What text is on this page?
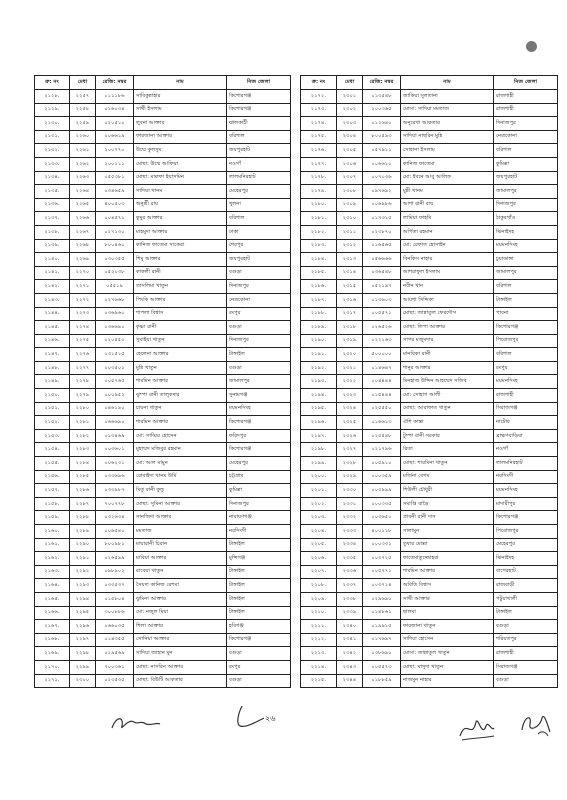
ক্র: নং	মেধা	রেজি: নম্বর	নাম	নিজ জেলা
২১২৮.	২২৫৭	০১১১৮৬	সাবিকুন্নাহার	কিশোরগঞ্জ
২১২৯.	২২৫৮	০১৬০৩৪	সাথী ইসলাম	কিশোরগঞ্জ
২১৩০.	২২৫৯	০২০৫১০	লুবনা আক্তার	ঝালকাঠী
২১৩১.	২২৬০	০০৬৬১৯	ফারজানা আক্তার	বরিশাল
২১৩২.	২২৬১	২০০৭৭০	উম্মে কুলসুম	জয়পুরহাট
২১৩৩.	২২৬২	২০০১১১	মোছা: উম্মে আফিয়া	নওগাঁ
২১৩৪.	২২৬৩	০৫৫৩৮১	মোছা: মারুফা ইয়াসমিন	লালমনিরহাট
২১৩৫.	২২৬৪	০৩৪৬৫৯	সাদিয়া খানম	মেহেরপুর
২১৩৬.	২২৬৫	৪০০৫০৩	অনুশ্রী রায়	খুলনা
২১৩৭.	২২৬৬	০০৪৫৭১	কুমুর আক্তার	বরিশাল
২১৩৮.	২২৬৭	০২৭১৩০	মাহমুদা আক্তার	ঢাকা
২১৩৯.	২২৬৮	৮০০৪৬০	কানিজ ফাতেমা সাকেরা	শেরপুর
২১৪০.	২২৬৯	০৩০৩৫৫	শিমু আক্তার	জয়পুরহাট
২১৪১.	২২৭০	০৫২০৩৮	কাকলী রানী	বগুড়া
২১৪২.	২২৭১	০৫৫১৯	তাসলিমা খাতুন	দিনাজপুর
২১৪৩.	২২৭২	০২৭৬৬৮	পিংকি আক্তার	নেত্রকোনা
২১৪৪.	২২৭৩	০৩৬৯৬০	শাপলা বিশ্বাস	রংপুর
২১৪৫.	২২৭৪	০৩৬৬৯০	কৃষ্ণা রানী	বগুড়া
২১৪৬.	২২৭৫	০২০৫৫০	সুমাইয়া খাতুন	দিনাজপুর
২১৪৭.	২২৭৬	০৩১৫১৫	হেলেনা আক্তার	টাঙ্গাইল
২১৪৮.	২২৭৭	০০৩৫০১	মুন্নি খাতুন	বগুড়া
২১৪৯.	২২৭৮	০০৫৭৬৫	শারমিন আক্তার	জামালপুর
২১৫০.	২২৭৯	০০০৯৫২	ঝুম্পা রানী তালুকদার	সুনামগঞ্জ
২১৫১.	২২৮০	০৪৬১৯০	চায়না খাতুন	ময়মনসিংহ
২১৫২.	২২৮১	০৬৬৬৯০	শারমিন আক্তার	কিশোরগঞ্জ
২১৫৩.	২২৮২	০১৩৪৬৯	মো: সাব্বির হোসেন	ফরিদপুর
২১৫৪.	২২৮৩	০০৩৬০১	মুহাম্মদ মজিবুর রহমান	কিশোরগঞ্জ
২১৫৫.	২২৮৪	০০৬২৩১	মো: আল মামুন	মেহেরপুর
২১৫৬.	২২৮৫	০৩৩৬৯৬	রোবাইদা খানম উর্মি	চট্টগ্রাম
২১৫৭.	২২৮৬	০৩৩৯৮৭	মিতু রানী কুন্ডু	কুমিল্লা
২১৫৮.	২২৮৭	৭০০৭৭৮	মোছা: সুমিনা আক্তার	দিনাজপুর
২১৫৯.	২২৮৮	০৩২৬৩৪	সানজিদা আক্তার	নারায়ণগঞ্জ
২১৬০.	২২৮৯	০০৬৫৪০	মমতাজ	নরসিংদী
২১৬১.	২২৯০	৮০০৯৮১	মায়ারানী চিরান	টাঙ্গাইল
২১৬২.	২২৯১	০২৬৫৯৯	মাবিয়া আক্তার	মুন্সিগঞ্জ
২১৬৩.	২২৯২	০৯৮৯০২	রাবেয়া খাতুন	টাঙ্গাইল
২১৬৪.	২২৯৩	০৩৩৫৩৭	সৈয়দা কানিজ রেশমা	টাঙ্গাইল
২১৬৫.	২২৯৪	০১৫৮০৪	ঝুমিনা আক্তার	টাঙ্গাইল
২১৬৬.	২২৯৫	৩০০৮৮৬	মো: নজুল মিয়া	টাঙ্গাইল
২১৬৭.	২২৯৬	০৬৬০৩৫	শিলা আক্তার	হবিগঞ্জ
২১৬৮.	২২৯৭	০১৪৩৫৫	সোনিয়া আক্তার	কিশোরগঞ্জ
২১৬৯.	২২৯৮	০২৯৫৬৯	সাদিয়া জাহান মুন	বগুড়া
২১৭০.	২২৯৯	৭০০৩৬১	মোছা: নাসরিন আক্তার	রংপুর
২১৭১.	২৩০০	০২৩৫৩৫	মোছা: বিউটি আকতার	বগুড়া
ক্র: নং	মেধা	রেজি: নম্বর	নাম	নিজ জেলা
২১৭২.	২৩০১	০১৩৫৪৮	জাকিয়া সুলতানা	রাজশাহী
২১৭৩.	২৩০২	২০০৩৬৫	মোসা: সাদিয়া মমতাজ	রাজশাহী
২১৭৪.	২৩০৩	০১২৬৪০	অনুরেখা আকতার	দিনাজপুর
২১৭৫.	২৩০৪	৮০০৫৯৩	সাদিয়া নাছরিন মুন্নি	নেত্রকোনা
২১৭৬.	২৩০৫	০৫৭৯১১	সোহানা ইসলাম	বরিশাল
২১৭৭.	২৩০৬	০০৬৬১০	কানিজ ফাতেমা	কুমিল্লা
২১৭৮.	২৩০৭	০০৭০৩৬	মো: ইবনে আবু আলিফ	জয়পুরহাট
২১৭৯.	২৩০৮	০৯৭৬৯২	মুন্নী খানম	জামালপুর
২১৮০.	২৩০৯	০০৬৯৮৬	আশা রানী রায়	দিনাজপুর
২১৮১.	২৩১০	০১৭৩১৫	লামিয়া ফাহমি	ঠাকুরগাঁও
২১৮২.	২৩১১	০২৩৮৭০	অর্পিতা রহমান	ঝিনাইদহ
২১৮৩.	২৩১২	০১৬৫৬৫	মো: রেফাত হোসাইন	ময়মনসিংহ
২১৮৪.	২৩১৩	০৫৬৬৬৬	বিনকিস নাহার	চুয়াডাঙ্গা
২১৮৫.	২৩১৪	০৩৬৫৪৮	আশরাফুল ইসলাম	জামালপুর
২১৮৬.	২৩১৫	০৫২১৯৭	নবীন খান	বরিশাল
২১৮৭.	২৩১৬	০১৩৬০৩	আয়শা সিদ্দিকা	টাঙ্গাইল
২১৮৮.	২৩১৭	০০৫৫৭১	মোছা: জান্নাতুল ফেরদৌস	পাবনা
২১৮৯.	২৩১৮	০২৬৫২৬	মোছা: লিপা আক্তার	কিশোরগঞ্জ
২১৯০.	২৩১৯	০২২১৬৩	সাগর মজুমদার	পিরোজপুর
২১৯১.	২৩২০	৫০০০০০	মানবিকা রানী	বরিশাল
২১৯২.	২৩২১	০১৪৬৪৭	শানুর আক্তার	রংপুর
২১৯৩.	২৩২২	০০৪৪৪৪	মিনহাজ উদ্দিন আহম্মেদ সজিব	ময়মনসিংহ
২১৯৪.	২৩২৩	০১৫৪৪৪	মো: সোহাগ আলী	রাজশাহী
২১৯৫.	২৩২৪	০২৫৫৫০	মোছা: আরাফাত খাতুন	সিরাজগঞ্জ
২১৯৬.	২৩২৫	০১৬৬১৩	ঐশি কান্তা	নাটোর
২১৯৭.	২৩২৬	০২৫৫৪৮	টুম্পা রানী সরকার	ব্রাহ্মণবাড়িয়া
২১৯৮.	২৩২৭	০২১৭৯৬	রিতা	নওগাঁ
২১৯৯.	২৩২৮	০০৫৯১০	মোছা: শারমিনা খাতুন	লালমনিরহাট
২২০০.	২৩২৯	০০০৩৫৯	মর্জিনা বেগম	নরসিংদী
২২০১.	২৩৩০	০০৩৯৯৯	শিউলী চৌধুরী	ময়মনসিংহ
২২০২.	২৩৩১	০০০৩৩৫	সমাপ্তি বাড়ৈ	মাদারীপুর
২২০৩.	২৩৩২	০০৩৬৫০	প্রাবনী রানী দাস	কিশোরগঞ্জ
২২০৪.	২৩৩৩	৪০০১১৮	সালামুন	পিরোজপুর
২২০৫.	২৩৩৪	০০০৩৩১	তুষার মোল্লা	মেহেরপুর
২২০৬.	২৩৩৫	০০৩৭২৫	ফাতেমাতুজ্জোহরা	ঝিনাইদহ
২২০৭.	২৩৩৬	০০৫৭৭১	শারমিন আক্তার	বাগেরহাট
২২০৮.	২৩৩৭	০০৩৭১৪	অবিতি বিশ্বাস	রাজবাড়ী
২২০৯.	২৩৩৮	০২৯৬৯০	সাথী আক্তার	পটুয়াখালী
২২১০.	২৩৩৯	০১৪৮৬১	ছালমা	টাঙ্গাইল
২২১১.	২৩৪০	০১৯৯১৫	ফারজানা খাতুন	বগুড়া
২২১২.	২৩৪১	০১৭৬৯৭	সাদিয়া হোসেন	শরিয়তপুর
২২১৩.	২৩৪২	০৩৮৬৯০	মোসা: জান্নাতুল খাতুন	রাজশাহী
২২১৪.	২৩৪৩	০০৫৫৭৩	মোছা: মাসুদা খাতুন	সিরাজগঞ্জ
২২১৫.	২৩৪৪	০১৮৮৫৯	নাজমুন নাহার	বগুড়া
২৬
